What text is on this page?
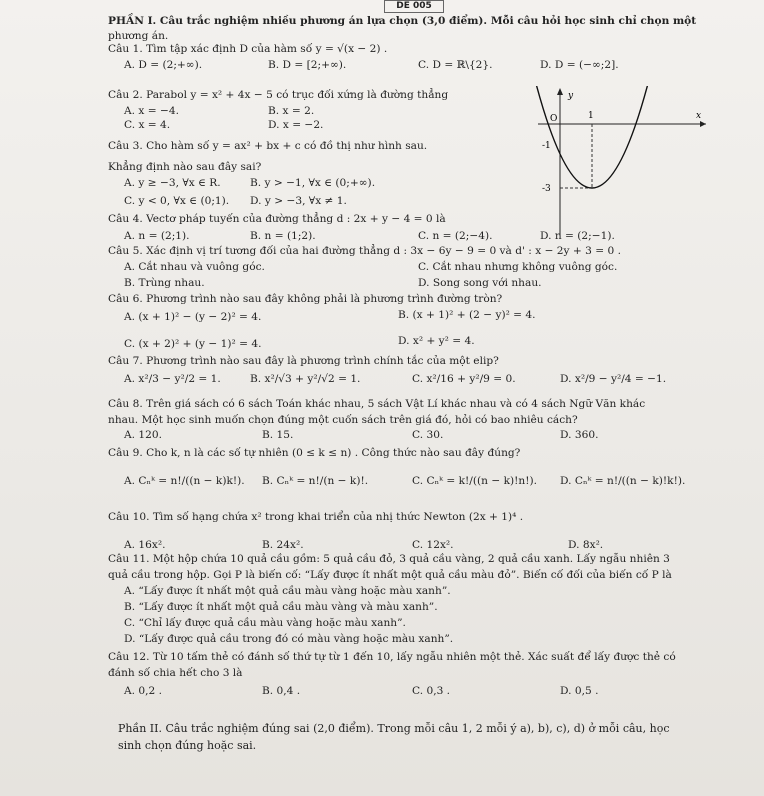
DE 005
PHẦN I. Câu trắc nghiệm nhiều phương án lựa chọn (3,0 điểm). Mỗi câu hỏi học sinh chỉ chọn một
phương án.
Câu 1. Tìm tập xác định D của hàm số y = √(x − 2) .
A. D = (2;+∞).	B. D = [2;+∞).	C. D = ℝ\{2}.	D. D = (−∞;2].
Câu 2. Parabol y = x² + 4x − 5 có trục đối xứng là đường thẳng
A. x = −4.	B. x = 2.
C. x = 4.	D. x = −2.
Câu 3. Cho hàm số y = ax² + bx + c có đồ thị như hình sau.
Khẳng định nào sau đây sai?
A. y ≥ −3, ∀x ∈ R.	B. y > −1, ∀x ∈ (0;+∞).
C. y < 0, ∀x ∈ (0;1). D. y > −3, ∀x ≠ 1.
y
x
O	1
-1
-3
Câu 4. Vectơ pháp tuyến của đường thẳng d : 2x + y − 4 = 0 là
A. n = (2;1).	B. n = (1;2).	C. n = (2;−4).	D. n = (2;−1).
Câu 5. Xác định vị trí tương đối của hai đường thẳng d : 3x − 6y − 9 = 0 và d' : x − 2y + 3 = 0 .
A. Cắt nhau và vuông góc.
B. Trùng nhau.
C. Cắt nhau nhưng không vuông góc.
D. Song song với nhau.
Câu 6. Phương trình nào sau đây không phải là phương trình đường tròn?
A. (x + 1)² − (y − 2)² = 4.	B. (x + 1)² + (2 − y)² = 4.
C. (x + 2)² + (y − 1)² = 4.	D. x² + y² = 4.
Câu 7. Phương trình nào sau đây là phương trình chính tắc của một elip?
A. x²/3 − y²/2 = 1.	B. x²/√3 + y²/√2 = 1.	C. x²/16 + y²/9 = 0.	D. x²/9 − y²/4 = −1.
Câu 8. Trên giá sách có 6 sách Toán khác nhau, 5 sách Vật Lí khác nhau và có 4 sách Ngữ Văn khác
nhau. Một học sinh muốn chọn đúng một cuốn sách trên giá đó, hỏi có bao nhiêu cách?
A. 120.	B. 15.	C. 30.	D. 360.
Câu 9. Cho k, n là các số tự nhiên (0 ≤ k ≤ n) . Công thức nào sau đây đúng?
A. Cₙᵏ = n!/((n − k)k!). B. Cₙᵏ = n!/(n − k)!.	C. Cₙᵏ = k!/((n − k)!n!). D. Cₙᵏ = n!/((n − k)!k!).
Câu 10. Tìm số hạng chứa x² trong khai triển của nhị thức Newton (2x + 1)⁴ .
A. 16x².	B. 24x².	C. 12x².	D. 8x².
Câu 11. Một hộp chứa 10 quả cầu gồm: 5 quả cầu đỏ, 3 quả cầu vàng, 2 quả cầu xanh. Lấy ngẫu nhiên 3
quả cầu trong hộp. Gọi P là biến cố: “Lấy được ít nhất một quả cầu màu đỏ”. Biến cố đối của biến cố P là
A. “Lấy được ít nhất một quả cầu màu vàng hoặc màu xanh”.
B. “Lấy được ít nhất một quả cầu màu vàng và màu xanh”.
C. “Chỉ lấy được quả cầu màu vàng hoặc màu xanh”.
D. “Lấy được quả cầu trong đó có màu vàng hoặc màu xanh”.
Câu 12. Từ 10 tấm thẻ có đánh số thứ tự từ 1 đến 10, lấy ngẫu nhiên một thẻ. Xác suất để lấy được thẻ có
đánh số chia hết cho 3 là
A. 0,2 .	B. 0,4 .	C. 0,3 .	D. 0,5 .
Phần II. Câu trắc nghiệm đúng sai (2,0 điểm). Trong mỗi câu 1, 2 mỗi ý a), b), c), d) ở mỗi câu, học
sinh chọn đúng hoặc sai.
